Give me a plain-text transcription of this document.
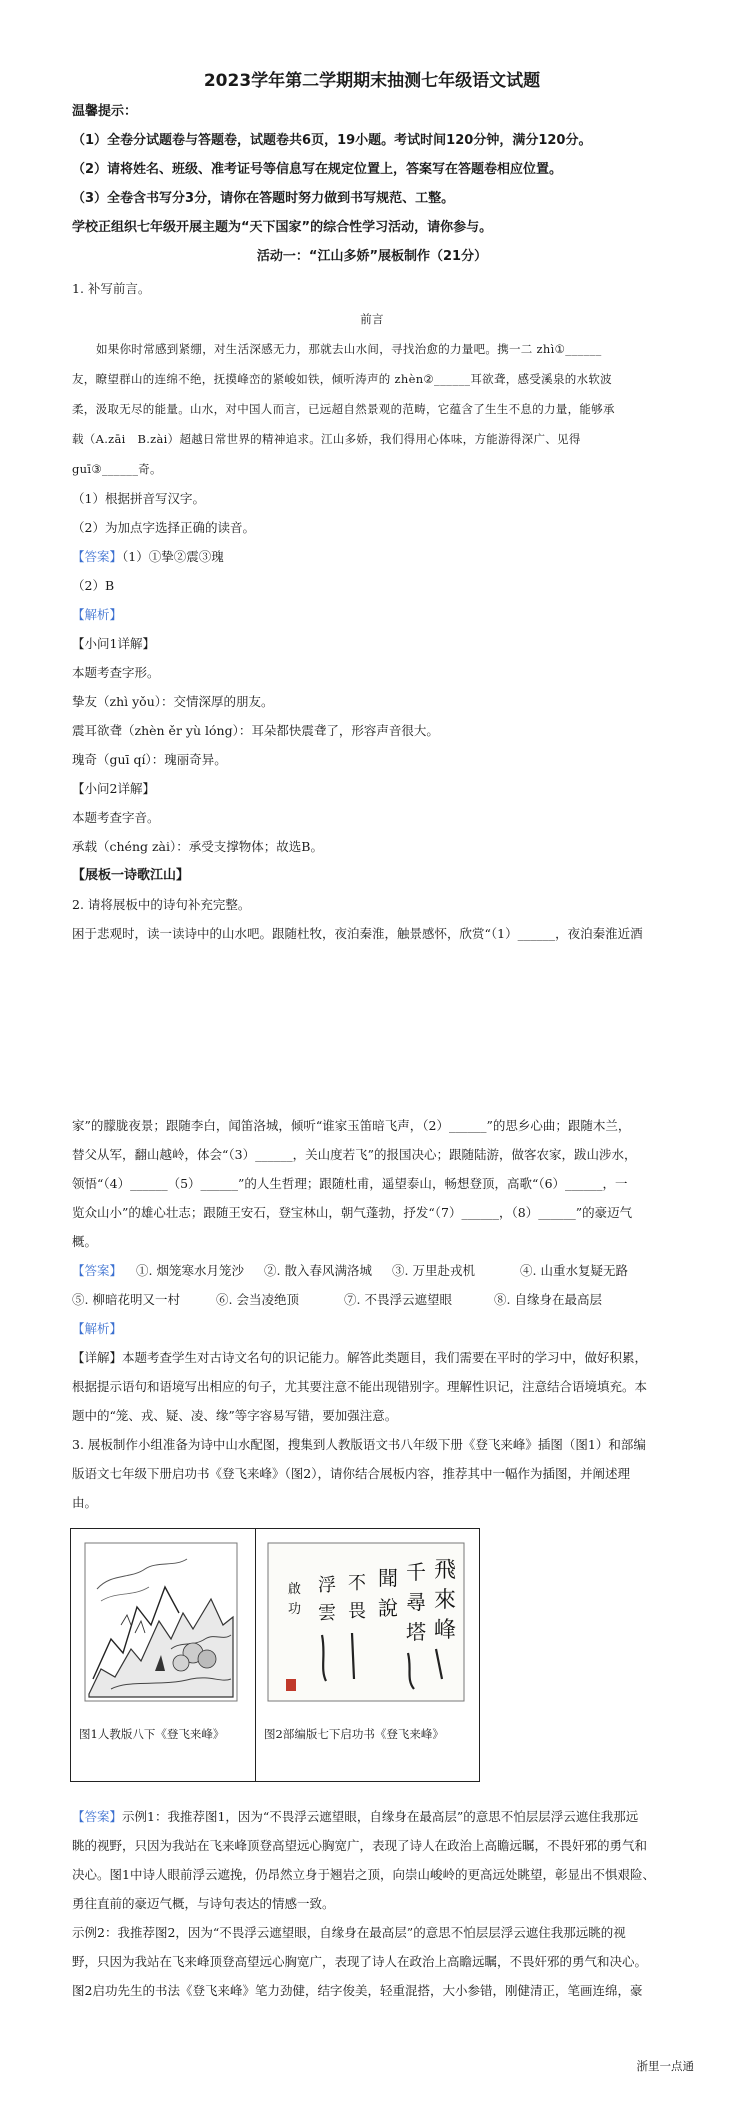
2023学年第二学期期末抽测七年级语文试题
温馨提示：
（1）全卷分试题卷与答题卷，试题卷共6页，19小题。考试时间120分钟，满分120分。
（2）请将姓名、班级、准考证号等信息写在规定位置上，答案写在答题卷相应位置。
（3）全卷含书写分3分，请你在答题时努力做到书写规范、工整。
学校正组织七年级开展主题为“天下国家”的综合性学习活动，请你参与。
活动一：“江山多娇”展板制作（21分）
1. 补写前言。
前言
如果你时常感到紧绷，对生活深感无力，那就去山水间，寻找治愈的力量吧。携一二 zhì①______
友，瞭望群山的连绵不绝，抚摸峰峦的紧峻如铁，倾听涛声的 zhèn②______耳欲聋，感受溪泉的水软波
柔，汲取无尽的能量。山水，对中国人而言，已远超自然景观的范畴，它蕴含了生生不息的力量，能够承
载（A.zāi　B.zài）超越日常世界的精神追求。江山多娇，我们得用心体味，方能游得深广、见得
guī③______奇。
（1）根据拼音写汉字。
（2）为加点字选择正确的读音。
【答案】（1）①挚②震③瑰
（2）B
【解析】
【小问1详解】
本题考查字形。
挚友（zhì yǒu）：交情深厚的朋友。
震耳欲聋（zhèn ěr yù lóng）：耳朵都快震聋了，形容声音很大。
瑰奇（guī qí）：瑰丽奇异。
【小问2详解】
本题考查字音。
承载（chéng zài）：承受支撑物体；故选B。
【展板一诗歌江山】
2. 请将展板中的诗句补充完整。
困于悲观时，读一读诗中的山水吧。跟随杜牧，夜泊秦淮，触景感怀，欣赏“（1）______，夜泊秦淮近酒
家”的朦胧夜景；跟随李白，闻笛洛城，倾听“谁家玉笛暗飞声，（2）______”的思乡心曲；跟随木兰，
替父从军，翻山越岭，体会“（3）______，关山度若飞”的报国决心；跟随陆游，做客农家，跋山涉水，
领悟“（4）______（5）______”的人生哲理；跟随杜甫，遥望泰山，畅想登顶，高歌“（6）______，一
览众山小”的雄心壮志；跟随王安石，登宝林山，朝气蓬勃，抒发“（7）______，（8）______”的豪迈气
概。
【答案】 ①. 烟笼寒水月笼沙 ②. 散入春风满洛城 ③. 万里赴戎机	④. 山重水复疑无路
⑤. 柳暗花明又一村	⑥. 会当凌绝顶	⑦. 不畏浮云遮望眼	⑧. 自缘身在最高层
【解析】
【详解】本题考查学生对古诗文名句的识记能力。解答此类题目，我们需要在平时的学习中，做好积累，
根据提示语句和语境写出相应的句子，尤其要注意不能出现错别字。理解性识记，注意结合语境填充。本
题中的“笼、戎、疑、凌、缘”等字容易写错，要加强注意。
3. 展板制作小组准备为诗中山水配图，搜集到人教版语文书八年级下册《登飞来峰》插图（图1）和部编
版语文七年级下册启功书《登飞来峰》（图2），请你结合展板内容，推荐其中一幅作为插图，并阐述理
由。
图1人教版八下《登飞来峰》
飛
來
峰
千
尋
塔
聞
說
不
畏
浮
雲
啟
功
图2部编版七下启功书《登飞来峰》
【答案】示例1：我推荐图1，因为“不畏浮云遮望眼，自缘身在最高层”的意思不怕层层浮云遮住我那远
眺的视野，只因为我站在飞来峰顶登高望远心胸宽广，表现了诗人在政治上高瞻远瞩，不畏奸邪的勇气和
决心。图1中诗人眼前浮云遮挽，仍昂然立身于翘岩之顶，向崇山峻岭的更高远处眺望，彰显出不惧艰险、
勇往直前的豪迈气概，与诗句表达的情感一致。
示例2：我推荐图2，因为“不畏浮云遮望眼，自缘身在最高层”的意思不怕层层浮云遮住我那远眺的视
野，只因为我站在飞来峰顶登高望远心胸宽广，表现了诗人在政治上高瞻远瞩，不畏奸邪的勇气和决心。
图2启功先生的书法《登飞来峰》笔力劲健，结字俊美，轻重混搭，大小参错，刚健清正，笔画连绵，豪
浙里一点通
